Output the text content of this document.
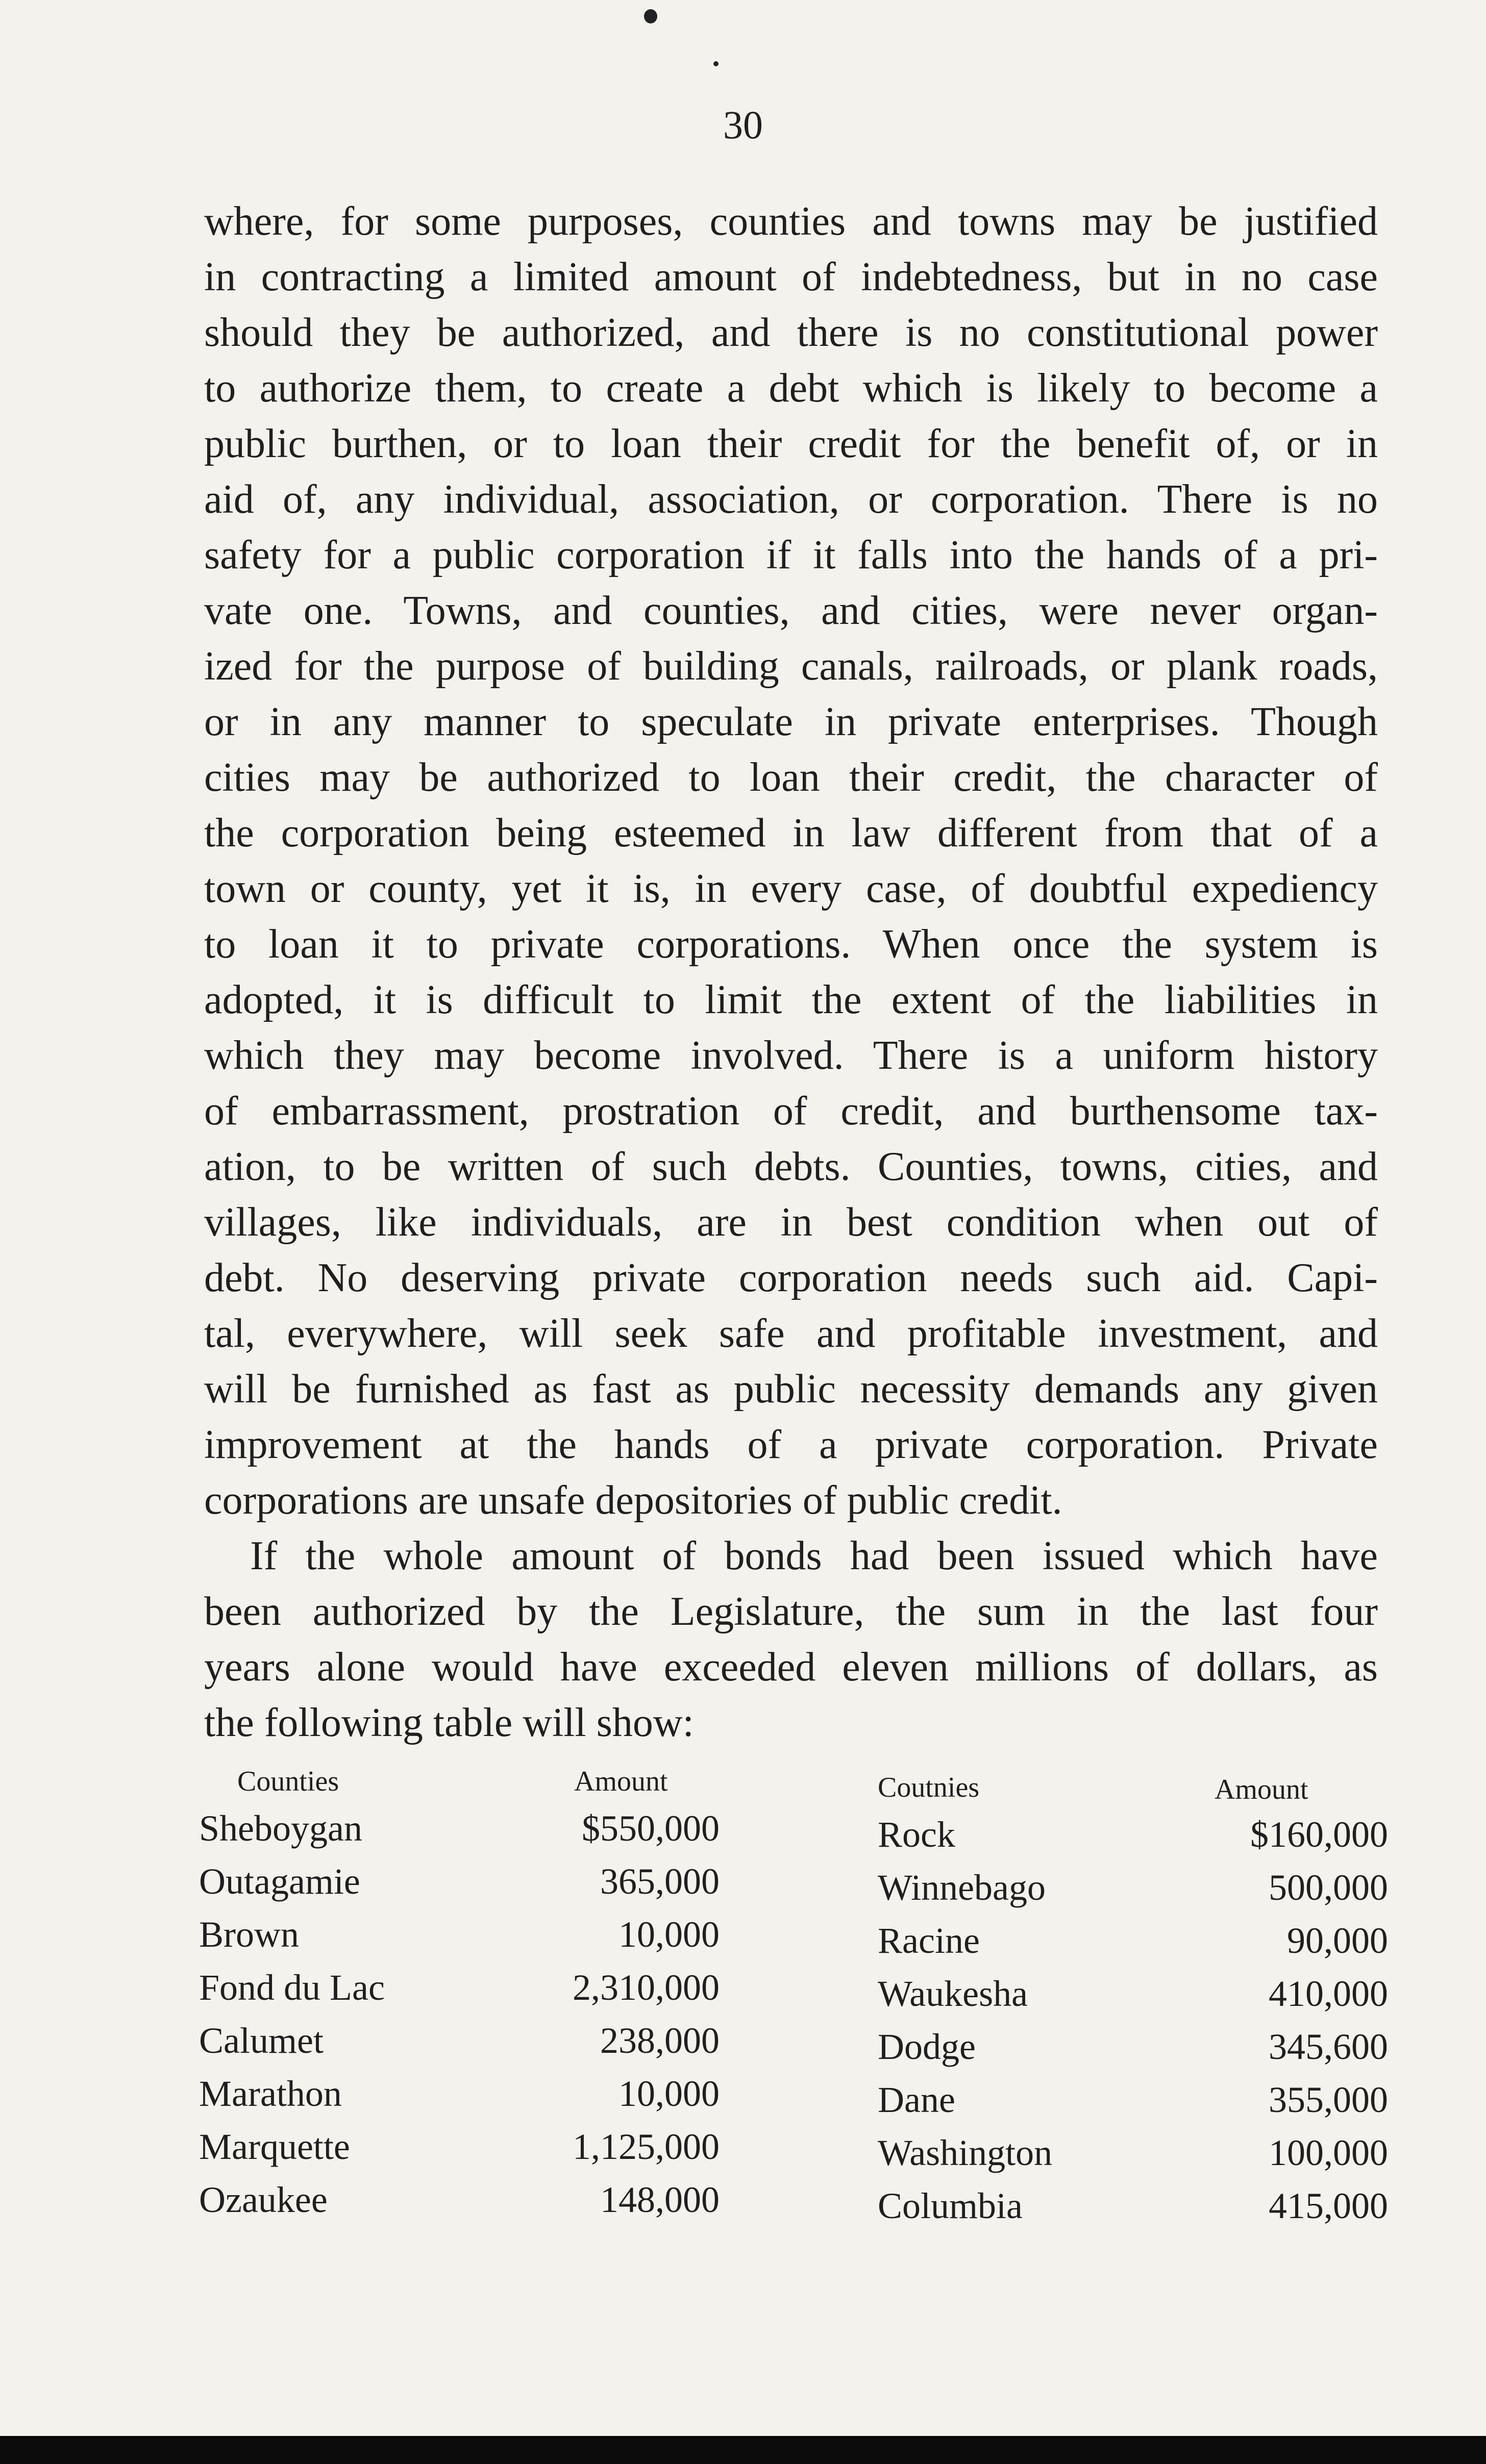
30
where, for some purposes, counties and towns may be justified
in contracting a limited amount of indebtedness, but in no case
should they be authorized, and there is no constitutional power
to authorize them, to create a debt which is likely to become a
public burthen, or to loan their credit for the benefit of, or in
aid of, any individual, association, or corporation. There is no
safety for a public corporation if it falls into the hands of a pri-
vate one. Towns, and counties, and cities, were never organ-
ized for the purpose of building canals, railroads, or plank roads,
or in any manner to speculate in private enterprises. Though
cities may be authorized to loan their credit, the character of
the corporation being esteemed in law different from that of a
town or county, yet it is, in every case, of doubtful expediency
to loan it to private corporations. When once the system is
adopted, it is difficult to limit the extent of the liabilities in
which they may become involved. There is a uniform history
of embarrassment, prostration of credit, and burthensome tax-
ation, to be written of such debts. Counties, towns, cities, and
villages, like individuals, are in best condition when out of
debt. No deserving private corporation needs such aid. Capi-
tal, everywhere, will seek safe and profitable investment, and
will be furnished as fast as public necessity demands any given
improvement at the hands of a private corporation. Private
corporations are unsafe depositories of public credit.
If the whole amount of bonds had been issued which have
been authorized by the Legislature, the sum in the last four
years alone would have exceeded eleven millions of dollars, as
the following table will show:
Counties	Amount
Sheboygan	$550,000
Outagamie	365,000
Brown	10,000
Fond du Lac	2,310,000
Calumet	238,000
Marathon	10,000
Marquette	1,125,000
Ozaukee	148,000
Coutnies	Amount
Rock	$160,000
Winnebago	500,000
Racine	90,000
Waukesha	410,000
Dodge	345,600
Dane	355,000
Washington	100,000
Columbia	415,000
